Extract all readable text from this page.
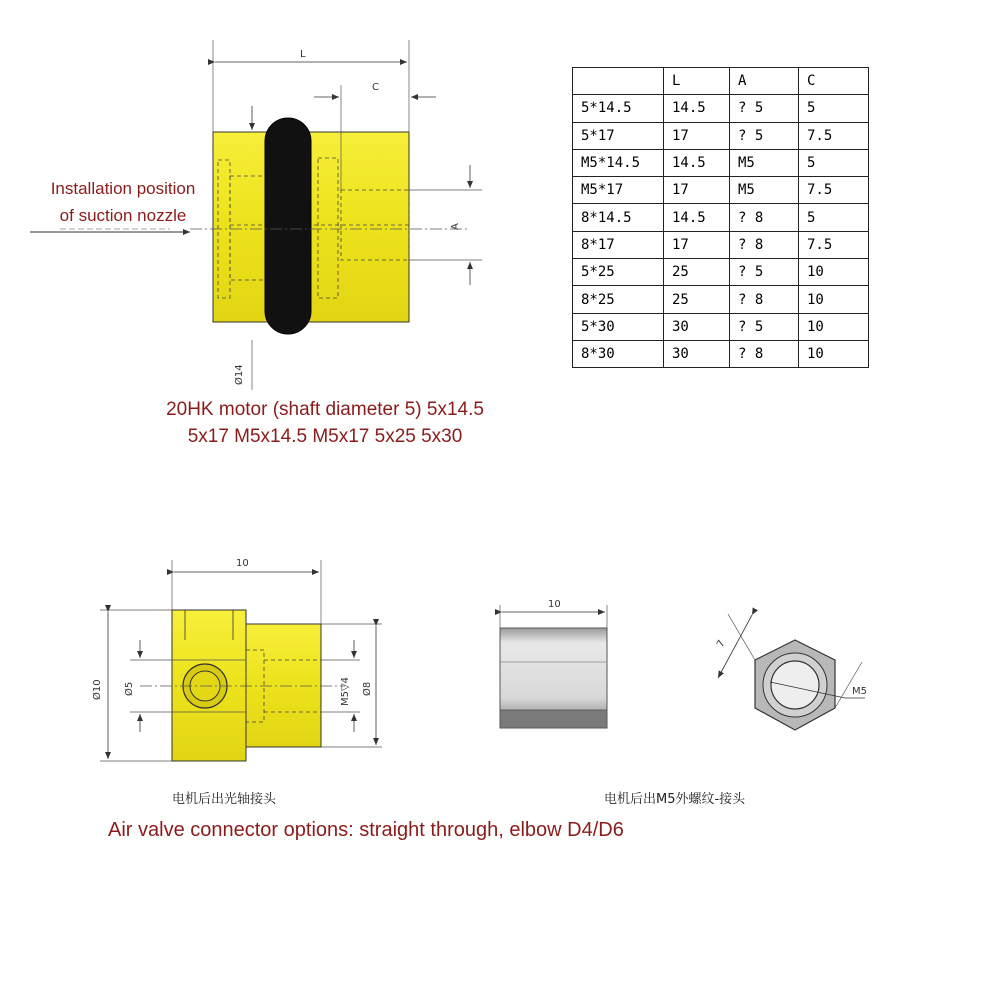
L
C
A
Ø14
10
Ø10 Ø5	M5▽4 Ø8
10
M5
7
Installation position
of suction nozzle
	L	A	C
5*14.5	14.5	? 5	5
5*17	17	? 5	7.5
M5*14.5	14.5	M5	5
M5*17	17	M5	7.5
8*14.5	14.5	? 8	5
8*17	17	? 8	7.5
5*25	25	? 5	10
8*25	25	? 8	10
5*30	30	? 5	10
8*30	30	? 8	10
20HK motor (shaft diameter 5) 5x14.5
5x17 M5x14.5 M5x17 5x25 5x30
电机后出光轴接头	电机后出M5外螺纹-接头
Air valve connector options: straight through, elbow D4/D6
